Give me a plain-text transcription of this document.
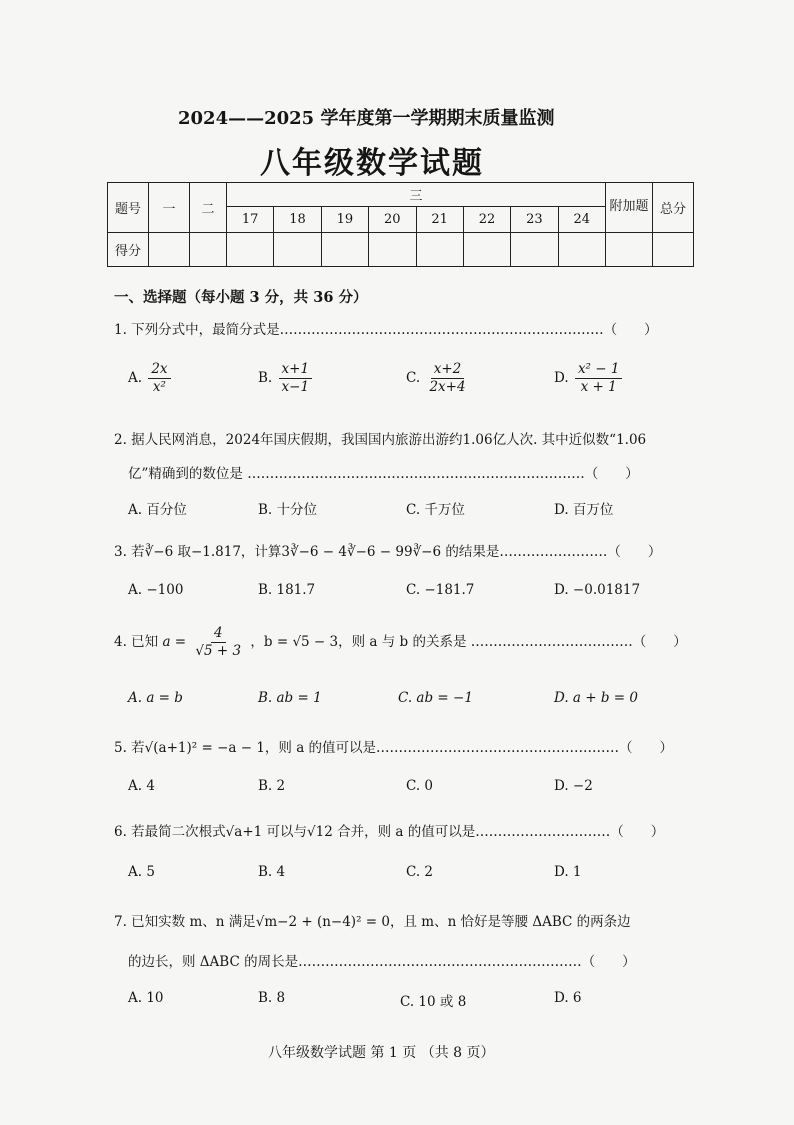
2024——2025 学年度第一学期期末质量监测
八年级数学试题
题号	一	二	三								附加题	总分
			17	18	19	20	21	22	23	24		
得分												
一、选择题（每小题 3 分，共 36 分）
1. 下列分式中，最简分式是………………………………………………………………（　　）
A. $\frac{2x}{\text{x²}}$	B. $\frac{x+1}{x-1}$	C. $\frac{x+2}{2x+4}$	D. $\frac{\text{x² − 1}}{x + 1}$
2. 据人民网消息，2024年国庆假期，我国国内旅游出游约1.06亿人次. 其中近似数“1.06
亿”精确到的数位是 …………………………………………………………………（　　）
A. 百分位	B. 十分位	C. 千万位	D. 百万位
3. 若∛−6 取−1.817，计算3∛−6 − 4∛−6 − 99∛−6 的结果是……………………（　　）
A. −100	B. 181.7	C. −181.7	D. −0.01817
4. 已知 $a = \frac{4}{√5 + 3}$ ，b = √5 − 3，则 a 与 b 的关系是 ………………………………（　　）
A. a = b	B. ab = 1	C. ab = −1	D. a + b = 0
5. 若√(a+1)² = −a − 1，则 a 的值可以是………………………………………………（　　）
A. 4	B. 2	C. 0	D. −2
6. 若最简二次根式√a+1 可以与√12 合并，则 a 的值可以是…………………………（　　）
A. 5	B. 4	C. 2	D. 1
7. 已知实数 m、n 满足√m−2 + (n−4)² = 0，且 m、n 恰好是等腰 ΔABC 的两条边
的边长，则 ΔABC 的周长是………………………………………………………（　　）
A. 10	B. 8	C. 10 或 8	D. 6
八年级数学试题 第 1 页 （共 8 页）
